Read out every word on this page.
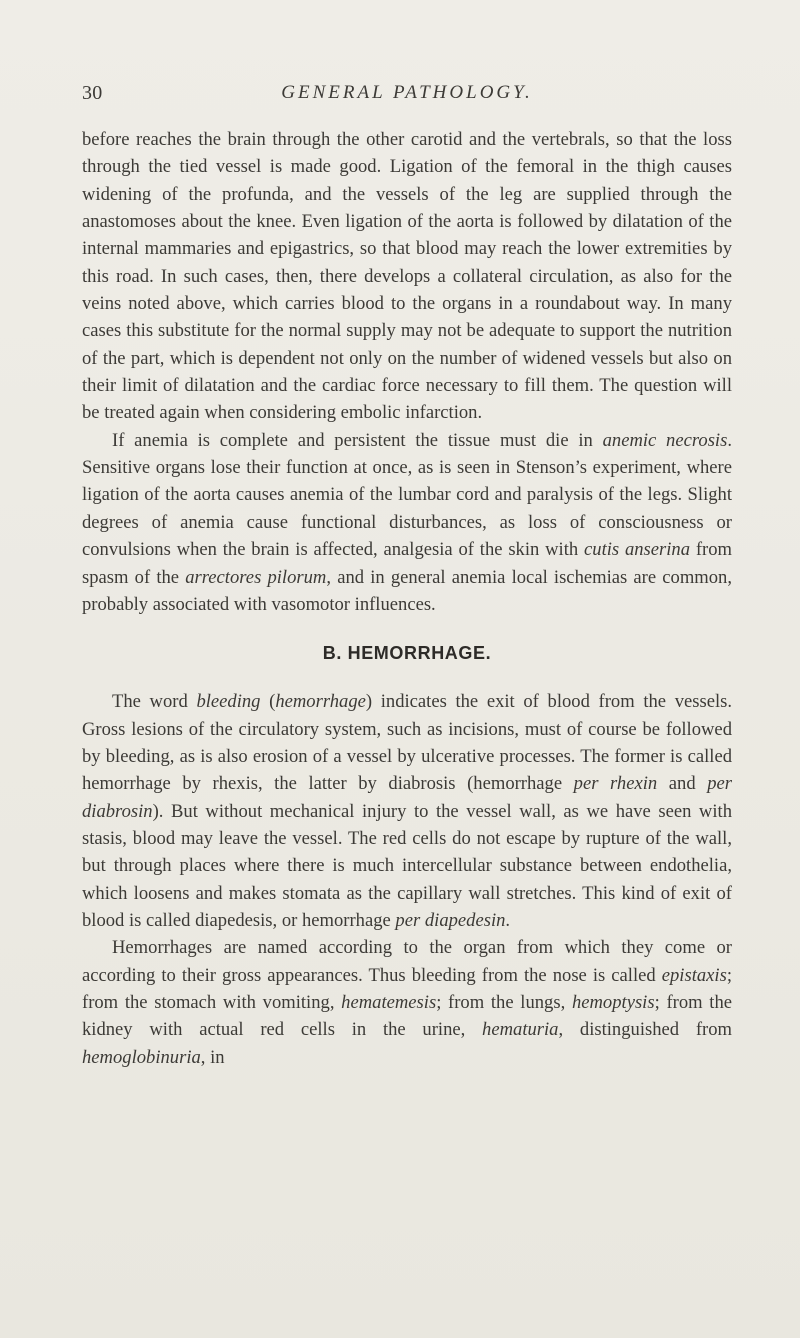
30	GENERAL PATHOLOGY.

before reaches the brain through the other carotid and the vertebrals, so that the loss through the tied vessel is made good. Ligation of the femoral in the thigh causes widening of the profunda, and the vessels of the leg are supplied through the anastomoses about the knee. Even ligation of the aorta is followed by dilatation of the internal mammaries and epigastrics, so that blood may reach the lower extremities by this road. In such cases, then, there develops a collateral circulation, as also for the veins noted above, which carries blood to the organs in a roundabout way. In many cases this substitute for the normal supply may not be adequate to support the nutrition of the part, which is dependent not only on the number of widened vessels but also on their limit of dilatation and the cardiac force necessary to fill them. The question will be treated again when considering embolic infarction.

If anemia is complete and persistent the tissue must die in anemic necrosis. Sensitive organs lose their function at once, as is seen in Stenson’s experiment, where ligation of the aorta causes anemia of the lumbar cord and paralysis of the legs. Slight degrees of anemia cause functional disturbances, as loss of consciousness or convulsions when the brain is affected, analgesia of the skin with cutis anserina from spasm of the arrectores pilorum, and in general anemia local ischemias are common, probably associated with vasomotor influences.

B. HEMORRHAGE.

The word bleeding (hemorrhage) indicates the exit of blood from the vessels. Gross lesions of the circulatory system, such as incisions, must of course be followed by bleeding, as is also erosion of a vessel by ulcerative processes. The former is called hemorrhage by rhexis, the latter by diabrosis (hemorrhage per rhexin and per diabrosin). But without mechanical injury to the vessel wall, as we have seen with stasis, blood may leave the vessel. The red cells do not escape by rupture of the wall, but through places where there is much intercellular substance between endothelia, which loosens and makes stomata as the capillary wall stretches. This kind of exit of blood is called diapedesis, or hemorrhage per diapedesin.

Hemorrhages are named according to the organ from which they come or according to their gross appearances. Thus bleeding from the nose is called epistaxis; from the stomach with vomiting, hematemesis; from the lungs, hemoptysis; from the kidney with actual red cells in the urine, hematuria, distinguished from hemoglobinuria, in
